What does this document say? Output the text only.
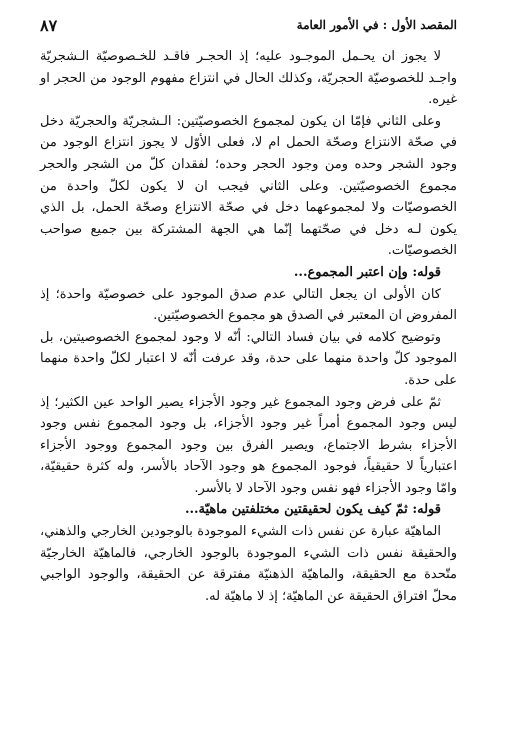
المقصد الأول : في الأمور العامة
٨٧

لا يجوز ان يحـمل الموجـود عليه؛ إذ الحجـر فاقـد للخـصوصيّة الـشجريّة واجـد للخصوصيّة الحجريّة، وكذلك الحال في انتزاع مفهوم الوجود من الحجر او غيره.

وعلى الثاني فإمّا ان يكون لمجموع الخصوصيّتين: الـشجريّة والحجريّة دخل في صحّة الانتزاع وصحّة الحمل ام لا، فعلى الأوّل لا يجوز انتزاع الوجود من وجود الشجر وحده ومن وجود الحجر وحده؛ لفقدان كلّ من الشجر والحجر مجموع الخصوصيّتين. وعلى الثاني فيجب ان لا يكون لكلّ واحدة من الخصوصيّات ولا لمجموعهما دخل في صحّة الانتزاع وصحّة الحمل، بل الذي يكون لـه دخل في صحّتهما إنّما هي الجهة المشتركة بين جميع صواحب الخصوصيّات.

قوله: وإن اعتبر المجموع...

كان الأولى ان يجعل التالي عدم صدق الموجود على خصوصيّة واحدة؛ إذ المفروض ان المعتبر في الصدق هو مجموع الخصوصيّتين.

وتوضيح كلامه في بيان فساد التالي: أنّه لا وجود لمجموع الخصوصيتين، بل الموجود كلّ واحدة منهما على حدة، وقد عرفت أنّه لا اعتبار لكلّ واحدة منهما على حدة.

ثمّ على فرض وجود المجموع غير وجود الأجزاء يصير الواحد عين الكثير؛ إذ ليس وجود المجموع أمراً غير وجود الأجزاء، بل وجود المجموع نفس وجود الأجزاء بشرط الاجتماع، ويصير الفرق بين وجود المجموع ووجود الأجزاء اعتبارياً لا حقيقياً، فوجود المجموع هو وجود الآحاد بالأسر، وله كثرة حقيقيّة، وامّا وجود الأجزاء فهو نفس وجود الآحاد لا بالأسر.

قوله: ثمّ كيف يكون لحقيقتين مختلفتين ماهيّة...

الماهيّة عبارة عن نفس ذات الشيء الموجودة بالوجودين الخارجي والذهني، والحقيقة نفس ذات الشيء الموجودة بالوجود الخارجي، فالماهيّة الخارجيّة متّحدة مع الحقيقة، والماهيّة الذهنيّة مفترقة عن الحقيقة، والوجود الواجبي محلّ افتراق الحقيقة عن الماهيّة؛ إذ لا ماهيّة له.
